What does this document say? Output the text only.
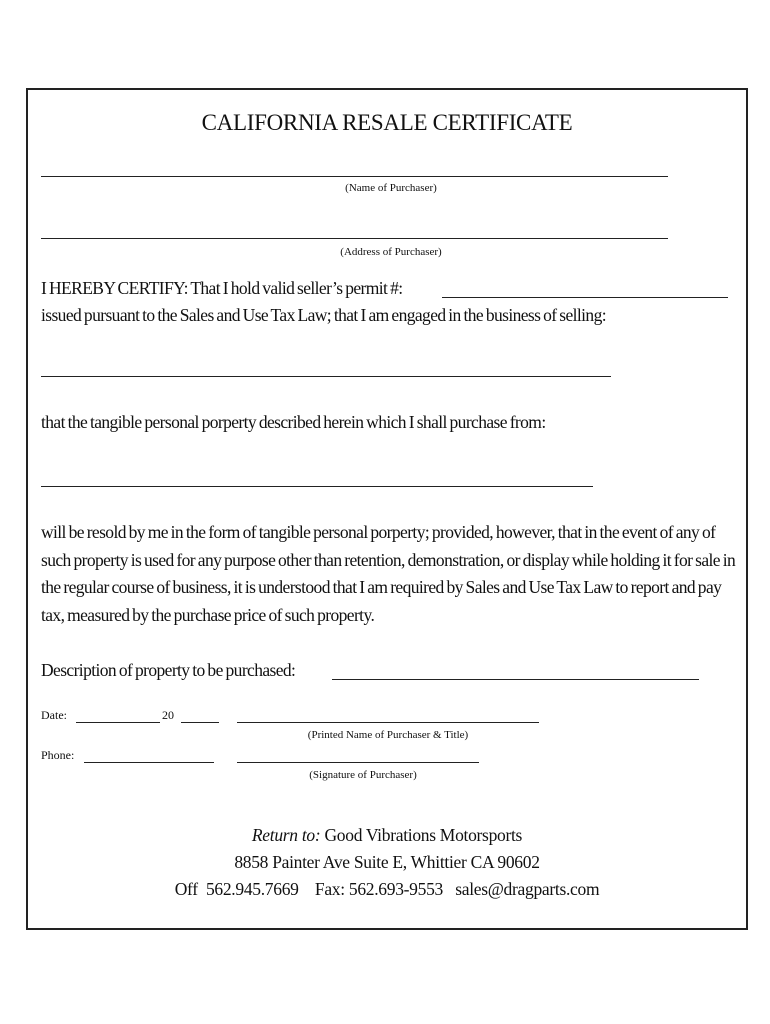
CALIFORNIA RESALE CERTIFICATE
(Name of Purchaser)
(Address of Purchaser)
I HEREBY CERTIFY: That I hold valid seller’s permit #:
issued pursuant to the Sales and Use Tax Law; that I am engaged in the business of selling:
that the tangible personal porperty described herein which I shall purchase from:
will be resold by me in the form of tangible personal porperty; provided, however, that in the event of any of such property is used for any purpose other than retention, demonstration, or display while holding it for sale in the regular course of business, it is understood that I am required by Sales and Use Tax Law to report and pay tax, measured by the purchase price of such property.
Description of property to be purchased:
Date:	20
(Printed Name of Purchaser & Title)
Phone:
(Signature of Purchaser)
Return to: Good Vibrations Motorsports
8858 Painter Ave Suite E, Whittier CA 90602
Off  562.945.7669    Fax: 562.693-9553   sales@dragparts.com
